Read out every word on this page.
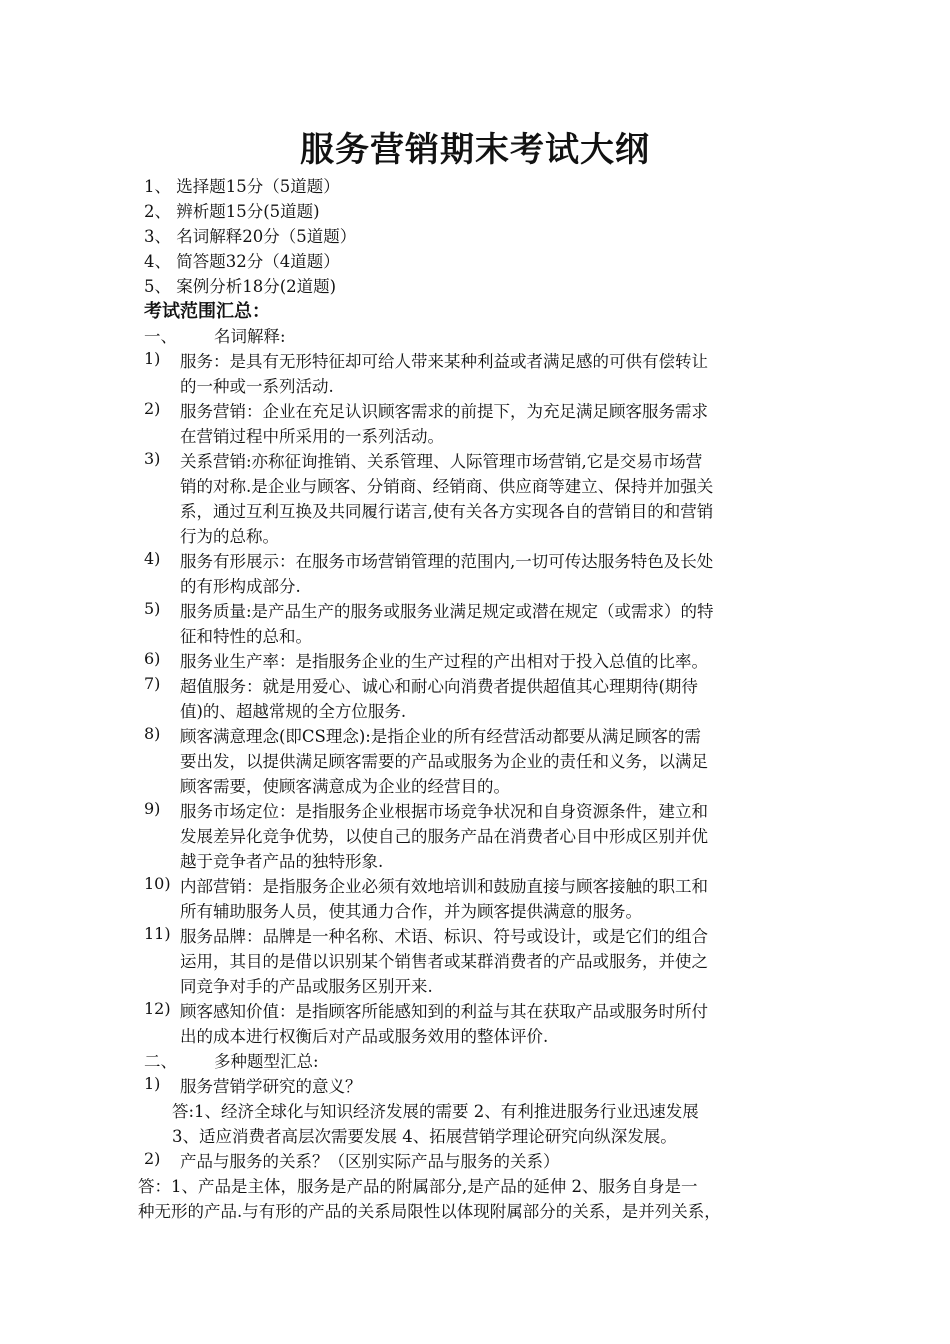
服务营销期末考试大纲
1、 选择题15分（5道题）
2、 辨析题15分(5道题)
3、 名词解释20分（5道题）
4、 简答题32分（4道题）
5、 案例分析18分(2道题)
考试范围汇总：
一、	名词解释:
1)	服务：是具有无形特征却可给人带来某种利益或者满足感的可供有偿转让
的一种或一系列活动.
2)	服务营销：企业在充足认识顾客需求的前提下，为充足满足顾客服务需求
在营销过程中所采用的一系列活动。
3)	关系营销:亦称征询推销、关系管理、人际管理市场营销,它是交易市场营
销的对称.是企业与顾客、分销商、经销商、供应商等建立、保持并加强关
系，通过互利互换及共同履行诺言,使有关各方实现各自的营销目的和营销
行为的总称。
4)	服务有形展示：在服务市场营销管理的范围内,一切可传达服务特色及长处
的有形构成部分.
5)	服务质量:是产品生产的服务或服务业满足规定或潜在规定（或需求）的特
征和特性的总和。
6)	服务业生产率：是指服务企业的生产过程的产出相对于投入总值的比率。
7)	超值服务：就是用爱心、诚心和耐心向消费者提供超值其心理期待(期待
值)的、超越常规的全方位服务.
8)	顾客满意理念(即CS理念):是指企业的所有经营活动都要从满足顾客的需
要出发，以提供满足顾客需要的产品或服务为企业的责任和义务，以满足
顾客需要，使顾客满意成为企业的经营目的。
9)	服务市场定位：是指服务企业根据市场竞争状况和自身资源条件，建立和
发展差异化竞争优势，以使自己的服务产品在消费者心目中形成区别并优
越于竞争者产品的独特形象.
10) 内部营销：是指服务企业必须有效地培训和鼓励直接与顾客接触的职工和
所有辅助服务人员，使其通力合作，并为顾客提供满意的服务。
11) 服务品牌：品牌是一种名称、术语、标识、符号或设计，或是它们的组合
运用，其目的是借以识别某个销售者或某群消费者的产品或服务，并使之
同竞争对手的产品或服务区别开来.
12) 顾客感知价值：是指顾客所能感知到的利益与其在获取产品或服务时所付
出的成本进行权衡后对产品或服务效用的整体评价.
二、	多种题型汇总:
1)	服务营销学研究的意义？
答:1、经济全球化与知识经济发展的需要 2、有利推进服务行业迅速发展
3、适应消费者高层次需要发展 4、拓展营销学理论研究向纵深发展。
2)	产品与服务的关系？（区别实际产品与服务的关系）
答：1、产品是主体，服务是产品的附属部分,是产品的延伸 2、服务自身是一
种无形的产品.与有形的产品的关系局限性以体现附属部分的关系，是并列关系，
